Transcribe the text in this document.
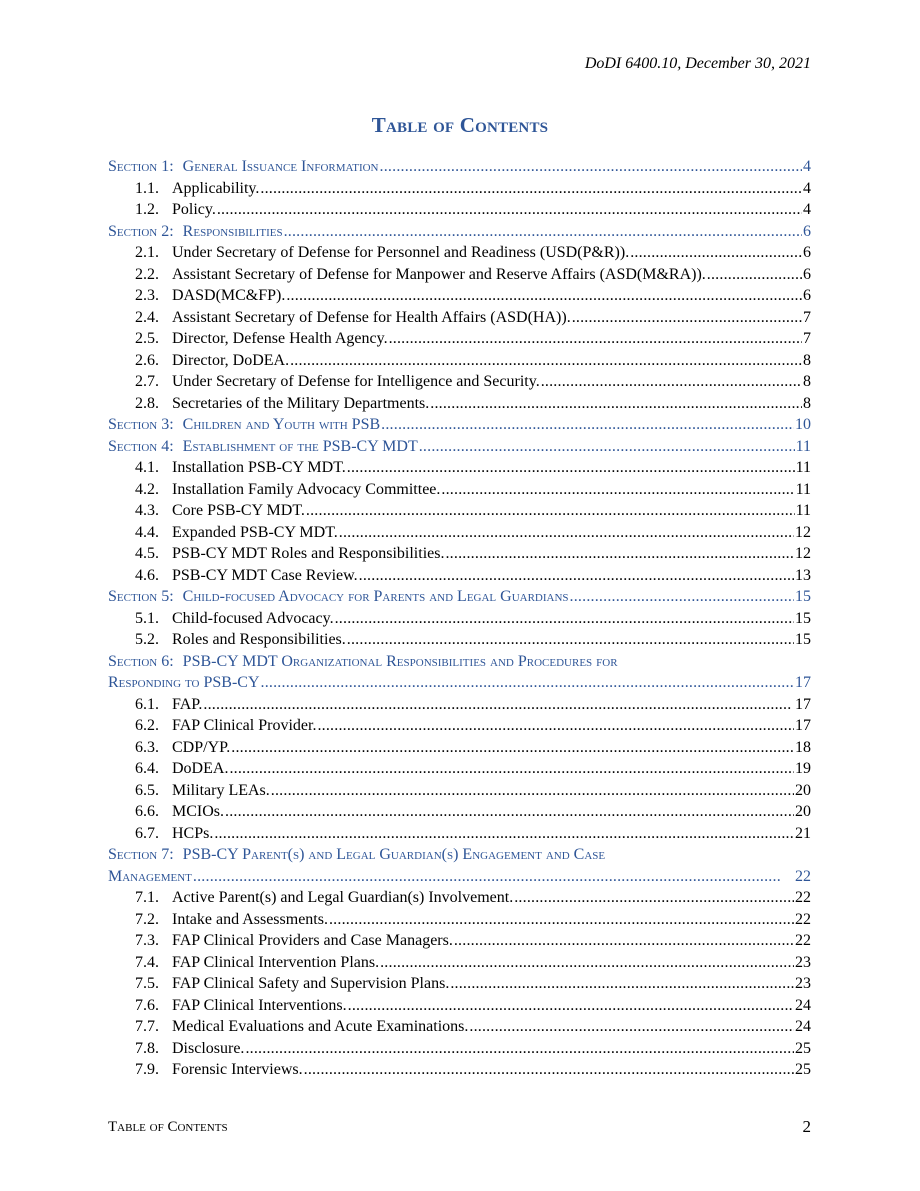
DoDI 6400.10, December 30, 2021
Table of Contents
Section 1: General Issuance Information . . .	4
1.1. Applicability. . . .	4
1.2. Policy. . . .	4
Section 2: Responsibilities . . .	6
2.1. Under Secretary of Defense for Personnel and Readiness (USD(P&R)). . . .	6
2.2. Assistant Secretary of Defense for Manpower and Reserve Affairs (ASD(M&RA)). . . .	6
2.3. DASD(MC&FP). . . .	6
2.4. Assistant Secretary of Defense for Health Affairs (ASD(HA)). . . .	7
2.5. Director, Defense Health Agency. . . .	7
2.6. Director, DoDEA. . . .	8
2.7. Under Secretary of Defense for Intelligence and Security. . . .	8
2.8. Secretaries of the Military Departments. . . .	8
Section 3: Children and Youth with PSB . . .	10
Section 4: Establishment of the PSB-CY MDT . . .	11
4.1. Installation PSB-CY MDT. . . .	11
4.2. Installation Family Advocacy Committee. . . .	11
4.3. Core PSB-CY MDT. . . .	11
4.4. Expanded PSB-CY MDT. . . .	12
4.5. PSB-CY MDT Roles and Responsibilities. . . .	12
4.6. PSB-CY MDT Case Review. . . .	13
Section 5: Child-focused Advocacy for Parents and Legal Guardians . . .	15
5.1. Child-focused Advocacy. . . .	15
5.2. Roles and Responsibilities. . . .	15
Section 6: PSB-CY MDT Organizational Responsibilities and Procedures for
Responding to PSB-CY . . .	17
6.1. FAP. . . .	17
6.2. FAP Clinical Provider. . . .	17
6.3. CDP/YP. . . .	18
6.4. DoDEA. . . .	19
6.5. Military LEAs. . . .	20
6.6. MCIOs. . . .	20
6.7. HCPs. . . .	21
Section 7: PSB-CY Parent(s) and Legal Guardian(s) Engagement and Case
Management . . .	22
7.1. Active Parent(s) and Legal Guardian(s) Involvement. . . .	22
7.2. Intake and Assessments. . . .	22
7.3. FAP Clinical Providers and Case Managers. . . .	22
7.4. FAP Clinical Intervention Plans. . . .	23
7.5. FAP Clinical Safety and Supervision Plans. . . .	23
7.6. FAP Clinical Interventions. . . .	24
7.7. Medical Evaluations and Acute Examinations. . . .	24
7.8. Disclosure. . . .	25
7.9. Forensic Interviews. . . .	25
Table of Contents	2
